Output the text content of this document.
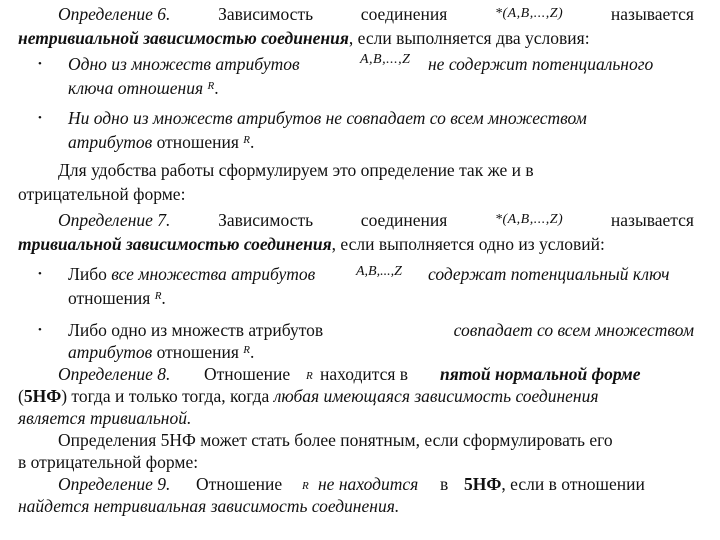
Определение 6.	Зависимость	соединения	*(A,B,...,Z)	называется
нетривиальной зависимостью соединения, если выполняется два условия:
• Одно из множеств атрибутов	A,B,...,Z не содержит потенциального
ключа отношения $^R$.
• Ни одно из множеств атрибутов не совпадает со всем множеством
атрибутов отношения $^R$.
Для удобства работы сформулируем это определение так же и в
отрицательной форме:
Определение 7.	Зависимость	соединения	*(A,B,...,Z)	называется
тривиальной зависимостью соединения, если выполняется одно из условий:
• Либо все множества атрибутов	A,B,...,Z содержат потенциальный ключ
отношения $^R$.
• Либо одно из множеств атрибутов	совпадает со всем множеством
атрибутов отношения $^R$.
Определение 8. Отношение R находится в пятой нормальной форме
(5НФ) тогда и только тогда, когда любая имеющаяся зависимость соединения
является тривиальной.
Определения 5НФ может стать более понятным, если сформулировать его
в отрицательной форме:
Определение 9. Отношение R не находится в 5НФ, если в отношении
найдется нетривиальная зависимость соединения.
